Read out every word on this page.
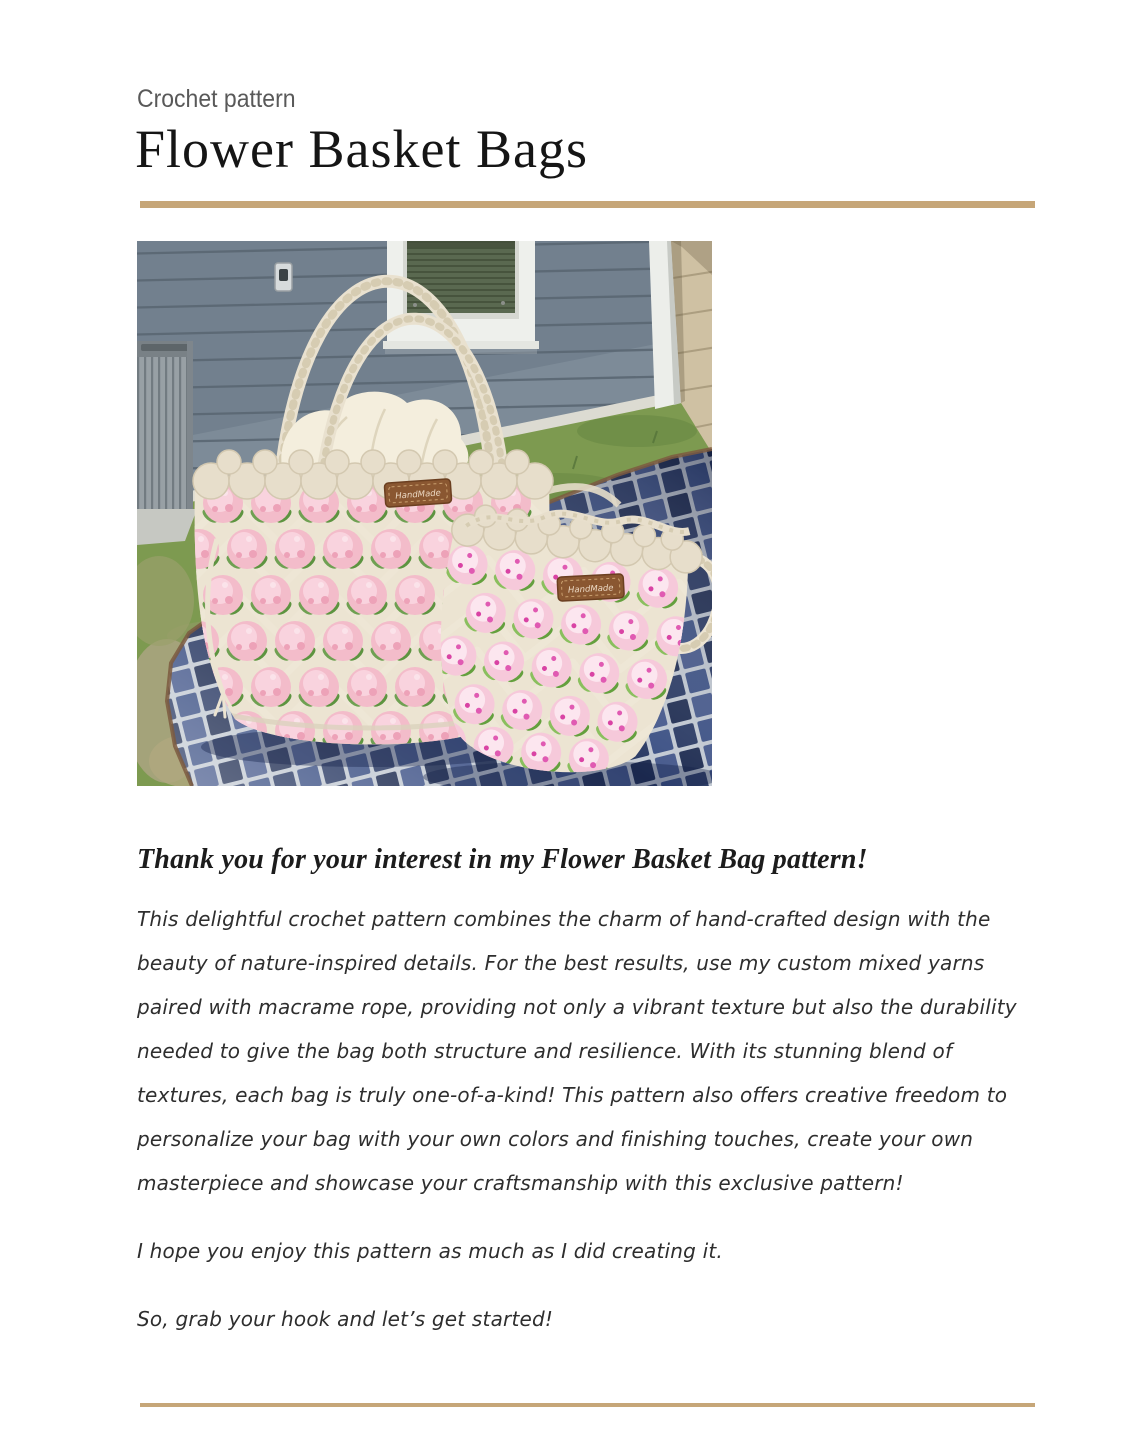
Crochet pattern
Flower Basket Bags
HandMade
HandMade
Thank you for your interest in my Flower Basket Bag pattern!

This delightful crochet pattern combines the charm of hand-crafted design with the beauty of nature-inspired details. For the best results, use my custom mixed yarns paired with macrame rope, providing not only a vibrant texture but also the durability needed to give the bag both structure and resilience. With its stunning blend of textures, each bag is truly one-of-a-kind! This pattern also offers creative freedom to personalize your bag with your own colors and finishing touches, create your own masterpiece and showcase your craftsmanship with this exclusive pattern!

I hope you enjoy this pattern as much as I did creating it.

So, grab your hook and let’s get started!
